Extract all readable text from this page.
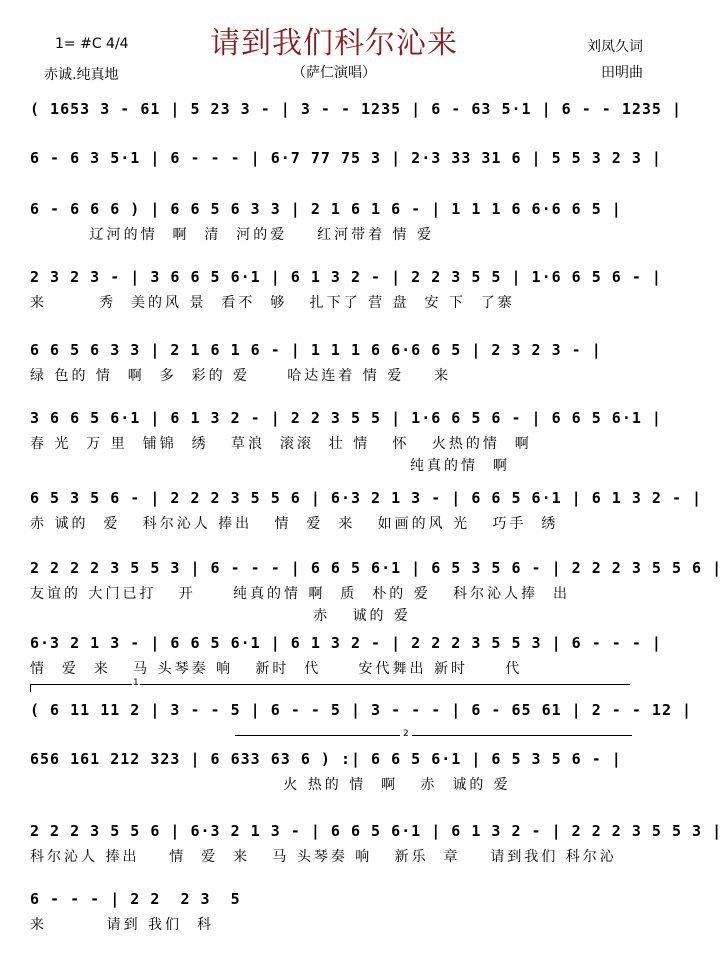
请到我们科尔沁来
1= #C 4/4	刘凤久词
田明曲
赤诚.纯真地	（萨仁演唱）
( 1653 3 - 61 | 5 23 3 - | 3 - - 1235 | 6 - 63 5·1 | 6 - - 1235 |
6 - 6 3 5·1 | 6 - - - | 6·7 77 75 3 | 2·3 33 31 6 | 5 5 3 2 3 |
6 - 6 6 6 ) | 6 6 5 6 3 3 | 2 1 6 1 6 - | 1 1 1 6 6·6 6 5 |
辽河的情  啊  清  河的爱    红河带着 情 爱
2 3 2 3 - | 3 6 6 5 6·1 | 6 1 3 2 - | 2 2 3 5 5 | 1·6 6 5 6 - |
来       秀  美的风 景  看不  够   扎下了 营 盘  安 下  了寨
6 6 5 6 3 3 | 2 1 6 1 6 - | 1 1 1 6 6·6 6 5 | 2 3 2 3 - |
绿 色的 情  啊  多  彩的 爱     哈达连着 情 爱    来
3 6 6 5 6·1 | 6 1 3 2 - | 2 2 3 5 5 | 1·6 6 5 6 - | 6 6 5 6·1 |
春 光  万 里  铺锦  绣   草浪  滚滚  壮 情   怀   火热的情  啊
纯真的情  啊
6 5 3 5 6 - | 2 2 2 3 5 5 6 | 6·3 2 1 3 - | 6 6 5 6·1 | 6 1 3 2 - |
赤 诚的  爱   科尔沁人 捧出   情  爱  来   如画的风 光   巧手  绣
2 2 2 2 3 5 5 3 | 6 - - - | 6 6 5 6·1 | 6 5 3 5 6 - | 2 2 2 3 5 5 6 |
友谊的 大门已打   开     纯真的情 啊  质  朴的 爱   科尔沁人捧  出
赤   诚的 爱
6·3 2 1 3 - | 6 6 5 6·1 | 6 1 3 2 - | 2 2 2 3 5 5 3 | 6 - - - |
情  爱  来   马 头琴奏 响   新时  代     安代舞出 新时     代
1
( 6 11 11 2 | 3 - - 5 | 6 - - 5 | 3 - - - | 6 - 65 61 | 2 - - 12 |
2
656 161 212 323 | 6 633 63 6 ) :| 6 6 5 6·1 | 6 5 3 5 6 - |
火 热的 情  啊   赤  诚的 爱
2 2 2 3 5 5 6 | 6·3 2 1 3 - | 6 6 5 6·1 | 6 1 3 2 - | 2 2 2 3 5 5 3 |
科尔沁人 捧出    情  爱  来   马 头琴奏 响   新乐  章    请到我们 科尔沁
6 - - - | 2 2  2 3  5
来        请到 我们  科
